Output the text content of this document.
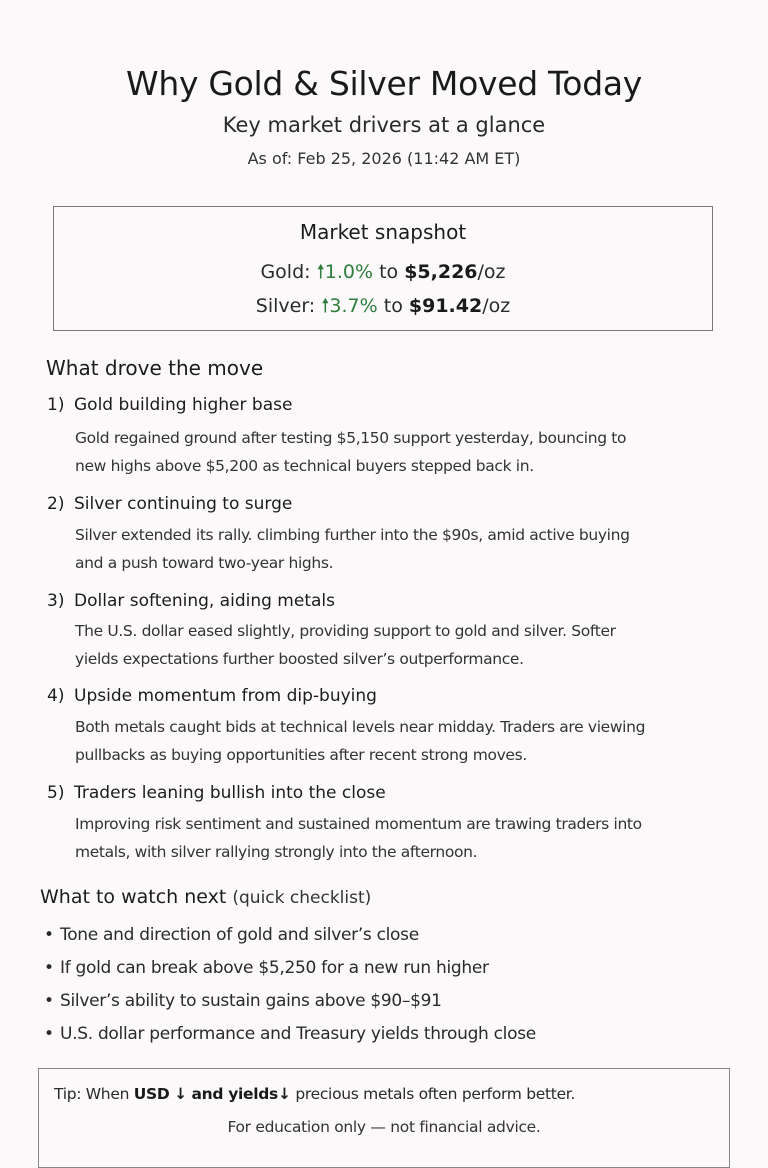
Why Gold & Silver Moved Today
Key market drivers at a glance
As of: Feb 25, 2026 (11:42 AM ET)
Market snapshot
Gold: 🠕1.0% to $5,226/oz
Silver: 🠕3.7% to $91.42/oz
What drove the move
1) Gold building higher base
Gold regained ground after testing $5,150 support yesterday, bouncing to
new highs above $5,200 as technical buyers stepped back in.
2) Silver continuing to surge
Silver extended its rally. climbing further into the $90s, amid active buying
and a push toward two-year highs.
3) Dollar softening, aiding metals
The U.S. dollar eased slightly, providing support to gold and silver. Softer
yields expectations further boosted silver’s outperformance.
4) Upside momentum from dip-buying
Both metals caught bids at technical levels near midday. Traders are viewing
pullbacks as buying opportunities after recent strong moves.
5) Traders leaning bullish into the close
Improving risk sentiment and sustained momentum are trawing traders into
metals, with silver rallying strongly into the afternoon.
What to watch next (quick checklist)
• Tone and direction of gold and silver’s close
• If gold can break above $5,250 for a new run higher
• Silver’s ability to sustain gains above $90–$91
• U.S. dollar performance and Treasury yields through close
Tip: When USD ↓ and yields↓ precious metals often perform better.
For education only — not financial advice.
